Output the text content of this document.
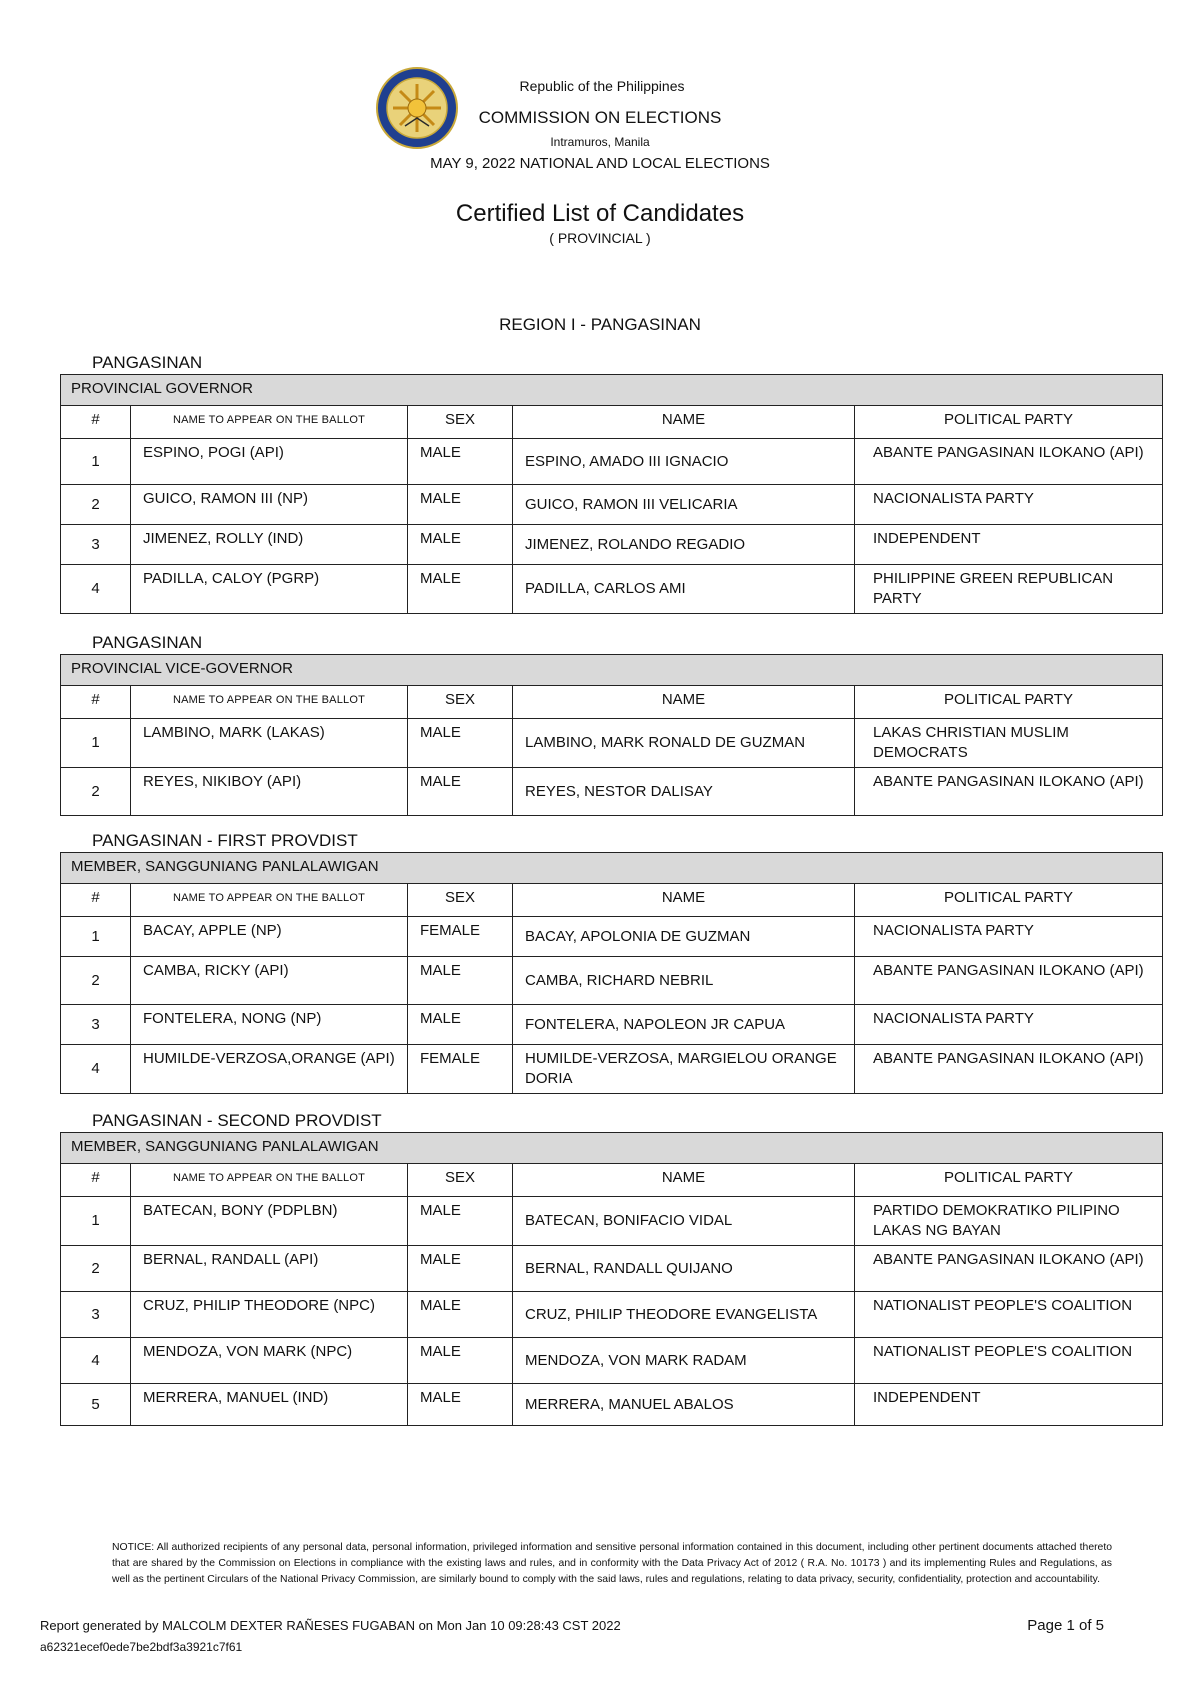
Republic of the Philippines
COMMISSION ON ELECTIONS
Intramuros, Manila
MAY 9, 2022 NATIONAL AND LOCAL ELECTIONS
Certified List of Candidates
( PROVINCIAL )
REGION I - PANGASINAN
PANGASINAN
PROVINCIAL GOVERNOR				
#	NAME TO APPEAR ON THE BALLOT	SEX	NAME	POLITICAL PARTY
1	ESPINO, POGI (API)	MALE	ESPINO, AMADO III IGNACIO	ABANTE PANGASINAN ILOKANO (API)
2	GUICO, RAMON III (NP)	MALE	GUICO, RAMON III VELICARIA	NACIONALISTA PARTY
3	JIMENEZ, ROLLY (IND)	MALE	JIMENEZ, ROLANDO REGADIO	INDEPENDENT
4	PADILLA, CALOY (PGRP)	MALE	PADILLA, CARLOS AMI	PHILIPPINE GREEN REPUBLICAN PARTY
PANGASINAN
PROVINCIAL VICE-GOVERNOR				
#	NAME TO APPEAR ON THE BALLOT	SEX	NAME	POLITICAL PARTY
1	LAMBINO, MARK (LAKAS)	MALE	LAMBINO, MARK RONALD DE GUZMAN	LAKAS CHRISTIAN MUSLIM DEMOCRATS
2	REYES, NIKIBOY (API)	MALE	REYES, NESTOR DALISAY	ABANTE PANGASINAN ILOKANO (API)
PANGASINAN - FIRST PROVDIST
MEMBER, SANGGUNIANG PANLALAWIGAN				
#	NAME TO APPEAR ON THE BALLOT	SEX	NAME	POLITICAL PARTY
1	BACAY, APPLE (NP)	FEMALE	BACAY, APOLONIA DE GUZMAN	NACIONALISTA PARTY
2	CAMBA, RICKY (API)	MALE	CAMBA, RICHARD NEBRIL	ABANTE PANGASINAN ILOKANO (API)
3	FONTELERA, NONG (NP)	MALE	FONTELERA, NAPOLEON JR CAPUA	NACIONALISTA PARTY
4	HUMILDE-VERZOSA,ORANGE (API)	FEMALE	HUMILDE-VERZOSA, MARGIELOU ORANGE DORIA	ABANTE PANGASINAN ILOKANO (API)
PANGASINAN - SECOND PROVDIST
MEMBER, SANGGUNIANG PANLALAWIGAN				
#	NAME TO APPEAR ON THE BALLOT	SEX	NAME	POLITICAL PARTY
1	BATECAN, BONY (PDPLBN)	MALE	BATECAN, BONIFACIO VIDAL	PARTIDO DEMOKRATIKO PILIPINO LAKAS NG BAYAN
2	BERNAL, RANDALL (API)	MALE	BERNAL, RANDALL QUIJANO	ABANTE PANGASINAN ILOKANO (API)
3	CRUZ, PHILIP THEODORE (NPC)	MALE	CRUZ, PHILIP THEODORE EVANGELISTA	NATIONALIST PEOPLE'S COALITION
4	MENDOZA, VON MARK (NPC)	MALE	MENDOZA, VON MARK RADAM	NATIONALIST PEOPLE'S COALITION
5	MERRERA, MANUEL (IND)	MALE	MERRERA, MANUEL ABALOS	INDEPENDENT
NOTICE: All authorized recipients of any personal data, personal information, privileged information and sensitive personal information contained in this document, including other pertinent documents attached thereto that are shared by the Commission on Elections in compliance with the existing laws and rules, and in conformity with the Data Privacy Act of 2012 ( R.A. No. 10173 ) and its implementing Rules and Regulations, as well as the pertinent Circulars of the National Privacy Commission, are similarly bound to comply with the said laws, rules and regulations, relating to data privacy, security, confidentiality, protection and accountability.
Report generated by MALCOLM DEXTER RAÑESES FUGABAN on Mon Jan 10 09:28:43 CST 2022
a62321ecef0ede7be2bdf3a3921c7f61
Page 1 of 5
